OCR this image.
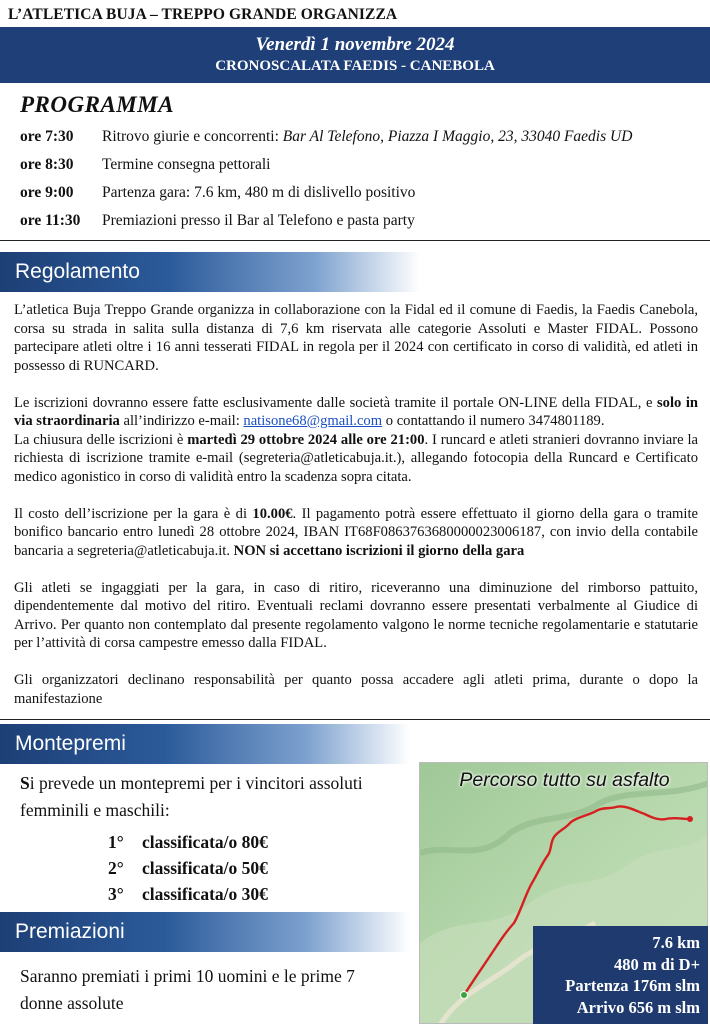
L’ATLETICA BUJA – TREPPO GRANDE ORGANIZZA
Venerdì 1 novembre 2024
CRONOSCALATA FAEDIS - CANEBOLA
PROGRAMMA
ore 7:30 Ritrovo giurie e concorrenti: Bar Al Telefono, Piazza I Maggio, 23, 33040 Faedis UD
ore 8:30 Termine consegna pettorali
ore 9:00 Partenza gara: 7.6 km, 480 m di dislivello positivo
ore 11:30 Premiazioni presso il Bar al Telefono e pasta party
Regolamento

L’atletica Buja Treppo Grande organizza in collaborazione con la Fidal ed il comune di Faedis, la Faedis Canebola, corsa su strada in salita sulla distanza di 7,6 km riservata alle categorie Assoluti e Master FIDAL. Possono partecipare atleti oltre i 16 anni tesserati FIDAL in regola per il 2024 con certificato in corso di validità, ed atleti in possesso di RUNCARD.

Le iscrizioni dovranno essere fatte esclusivamente dalle società tramite il portale ON-LINE della FIDAL, e solo in via straordinaria all’indirizzo e-mail: natisone68@gmail.com o contattando il numero 3474801189.

La chiusura delle iscrizioni è martedì 29 ottobre 2024 alle ore 21:00. I runcard e atleti stranieri dovranno inviare la richiesta di iscrizione tramite e-mail (segreteria@atleticabuja.it.), allegando fotocopia della Runcard e Certificato medico agonistico in corso di validità entro la scadenza sopra citata.

Il costo dell’iscrizione per la gara è di 10.00€. Il pagamento potrà essere effettuato il giorno della gara o tramite bonifico bancario entro lunedì 28 ottobre 2024, IBAN IT68F0863763680000023006187, con invio della contabile bancaria a segreteria@atleticabuja.it. NON si accettano iscrizioni il giorno della gara

Gli atleti se ingaggiati per la gara, in caso di ritiro, riceveranno una diminuzione del rimborso pattuito, dipendentemente dal motivo del ritiro. Eventuali reclami dovranno essere presentati verbalmente al Giudice di Arrivo. Per quanto non contemplato dal presente regolamento valgono le norme tecniche regolamentarie e statutarie per l’attività di corsa campestre emesso dalla FIDAL.

Gli organizzatori declinano responsabilità per quanto possa accadere agli atleti prima, durante o dopo la manifestazione

Montepremi
Si prevede un montepremi per i vincitori assoluti femminili e maschili:
1° classificata/o 80€
2° classificata/o 50€
3° classificata/o 30€
Premiazioni
Saranno premiati i primi 10 uomini e le prime 7 donne assolute
Percorso tutto su asfalto
7.6 km
480 m di D+
Partenza 176m slm
Arrivo 656 m slm
